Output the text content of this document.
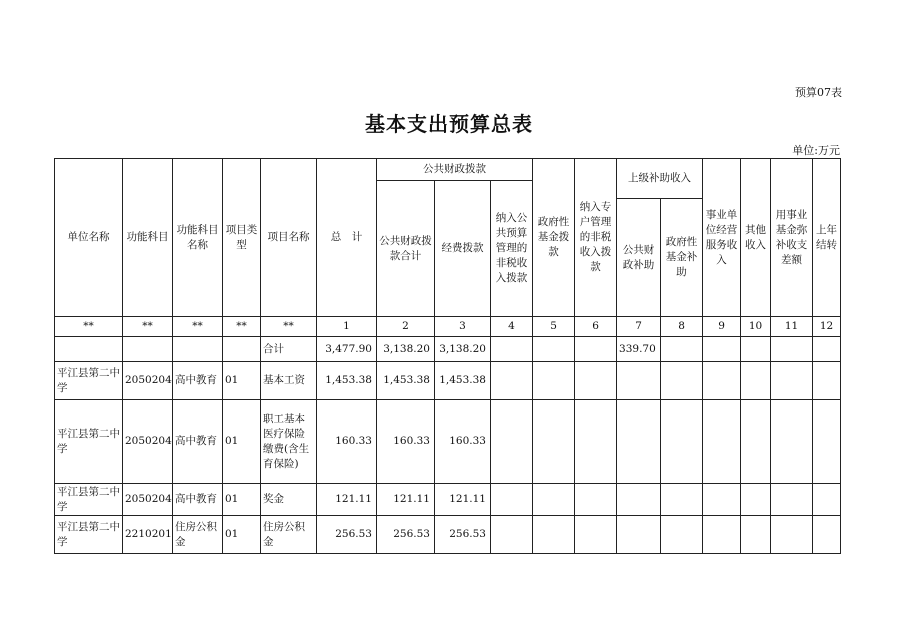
预算07表
基本支出预算总表
单位:万元
单位名称	功能科目	功能科目名称	项目类型	项目名称	总　计	公共财政拨款			政府性基金拨款	纳入专户管理的非税收入拨款	上级补助收入		事业单位经营服务收入	其他收入	用事业基金弥补收支差额	上年结转
						公共财政拨款合计	经费拨款	纳入公共预算管理的非税收入拨款								
											公共财政补助	政府性基金补助				
**	**	**	**	**	1	2	3	4	5	6	7	8	9	10	11	12
				合计	3,477.90	3,138.20	3,138.20				339.70					
平江县第二中学	2050204	高中教育	01	基本工资	1,453.38	1,453.38	1,453.38									
平江县第二中学	2050204	高中教育	01	职工基本医疗保险缴费(含生育保险)	160.33	160.33	160.33									
平江县第二中学	2050204	高中教育	01	奖金	121.11	121.11	121.11									
平江县第二中学	2210201	住房公积金	01	住房公积金	256.53	256.53	256.53									
